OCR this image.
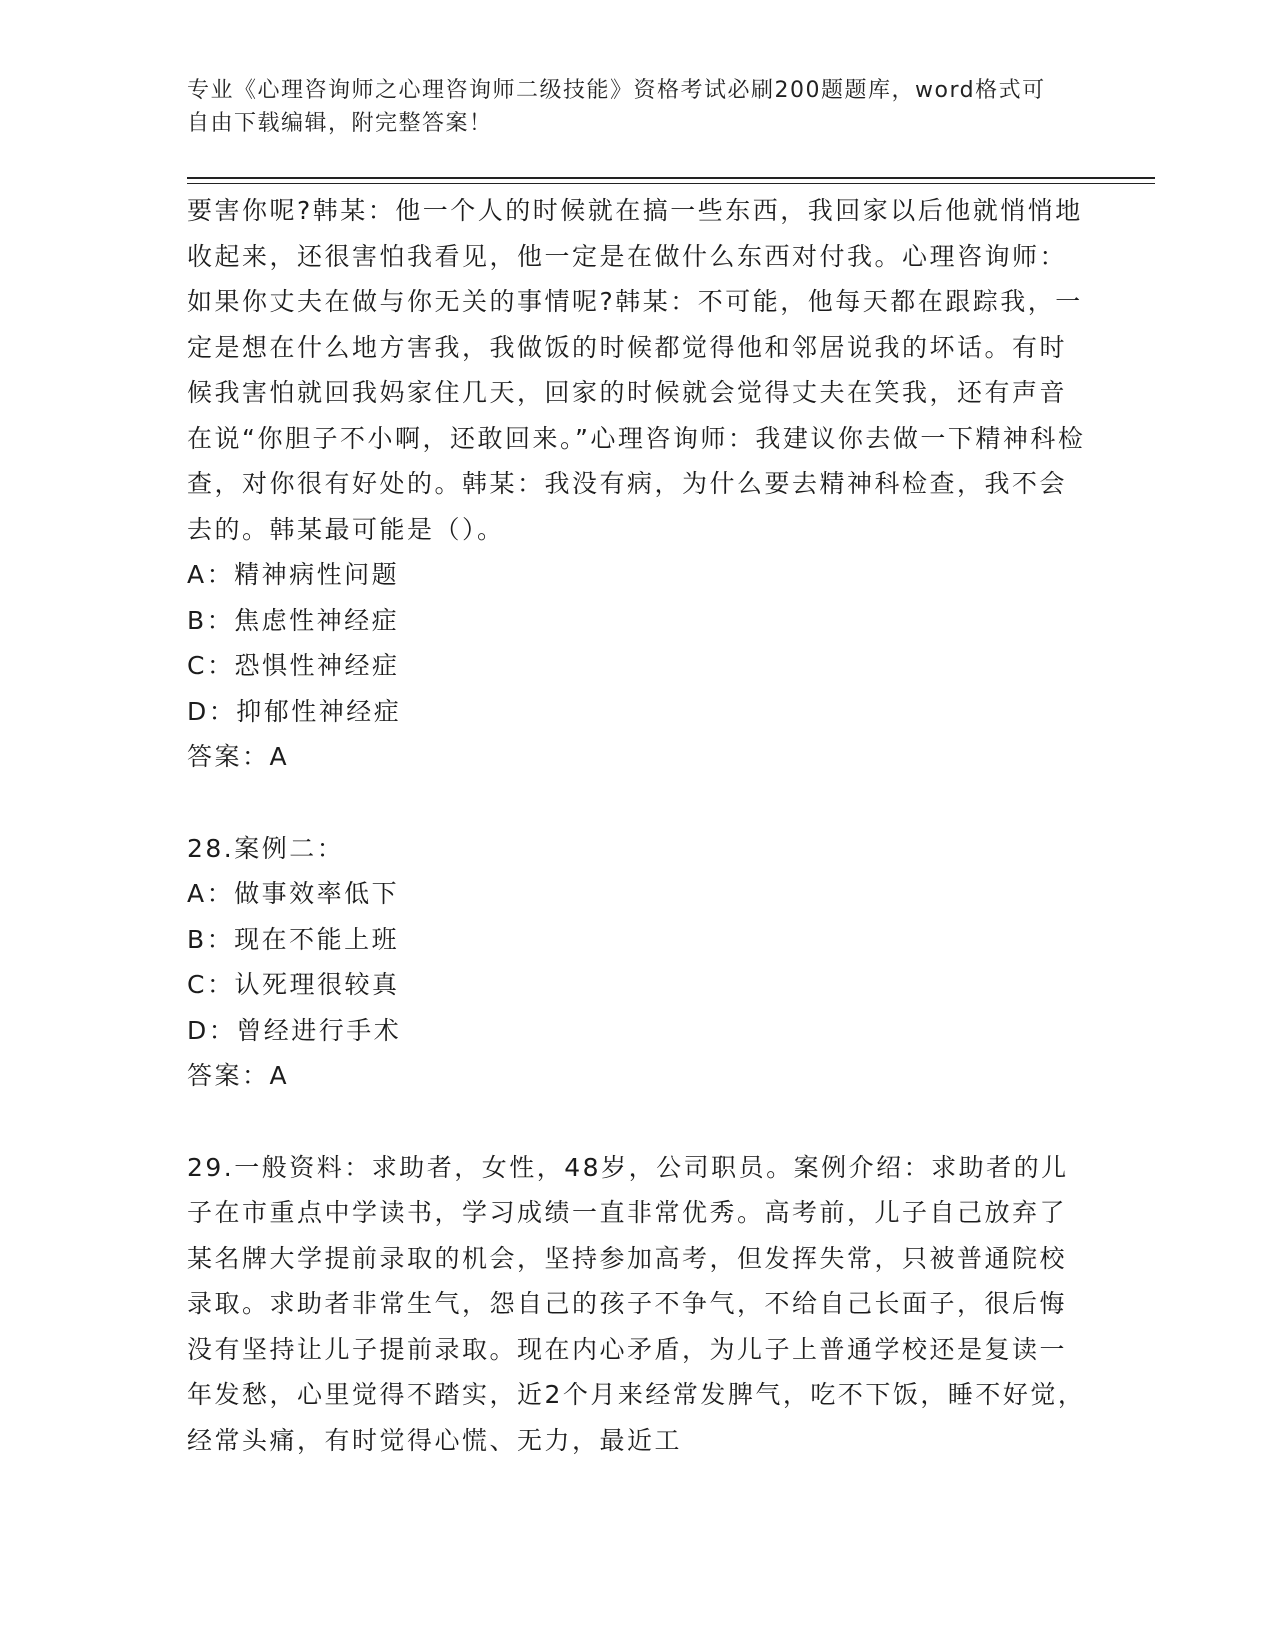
专业《心理咨询师之心理咨询师二级技能》资格考试必刷200题题库，word格式可自由下载编辑，附完整答案！
要害你呢?韩某：他一个人的时候就在搞一些东西，我回家以后他就悄悄地收起来，还很害怕我看见，他一定是在做什么东西对付我。心理咨询师：如果你丈夫在做与你无关的事情呢?韩某：不可能，他每天都在跟踪我，一定是想在什么地方害我，我做饭的时候都觉得他和邻居说我的坏话。有时候我害怕就回我妈家住几天，回家的时候就会觉得丈夫在笑我，还有声音在说“你胆子不小啊，还敢回来。”心理咨询师：我建议你去做一下精神科检查，对你很有好处的。韩某：我没有病，为什么要去精神科检查，我不会去的。韩某最可能是（）。
A：精神病性问题
B：焦虑性神经症
C：恐惧性神经症
D：抑郁性神经症
答案：A
28.案例二：
A：做事效率低下
B：现在不能上班
C：认死理很较真
D：曾经进行手术
答案：A
29.一般资料：求助者，女性，48岁，公司职员。案例介绍：求助者的儿子在市重点中学读书，学习成绩一直非常优秀。高考前，儿子自己放弃了某名牌大学提前录取的机会，坚持参加高考，但发挥失常，只被普通院校录取。求助者非常生气，怨自己的孩子不争气，不给自己长面子，很后悔没有坚持让儿子提前录取。现在内心矛盾，为儿子上普通学校还是复读一年发愁，心里觉得不踏实，近2个月来经常发脾气，吃不下饭，睡不好觉，经常头痛，有时觉得心慌、无力，最近工
